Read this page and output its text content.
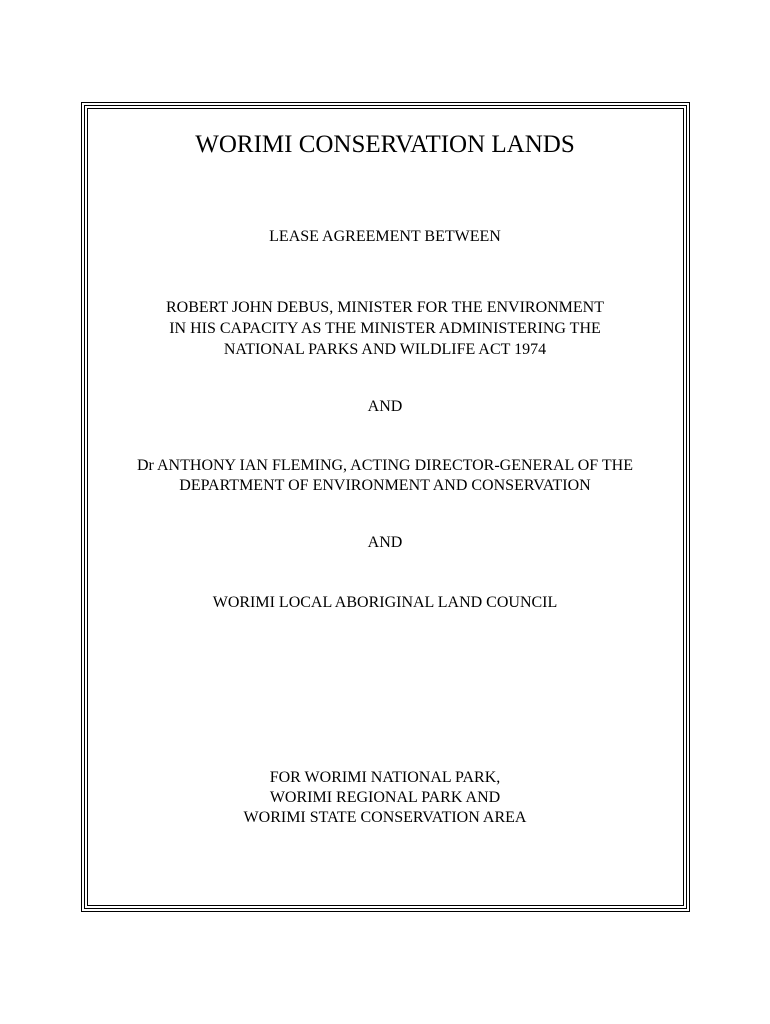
WORIMI CONSERVATION LANDS
LEASE AGREEMENT BETWEEN
ROBERT JOHN DEBUS, MINISTER FOR THE ENVIRONMENT
IN HIS CAPACITY AS THE MINISTER ADMINISTERING THE
NATIONAL PARKS AND WILDLIFE ACT 1974
AND
Dr ANTHONY IAN FLEMING, ACTING DIRECTOR-GENERAL OF THE
DEPARTMENT OF ENVIRONMENT AND CONSERVATION
AND
WORIMI LOCAL ABORIGINAL LAND COUNCIL
FOR WORIMI NATIONAL PARK,
WORIMI REGIONAL PARK AND
WORIMI STATE CONSERVATION AREA
